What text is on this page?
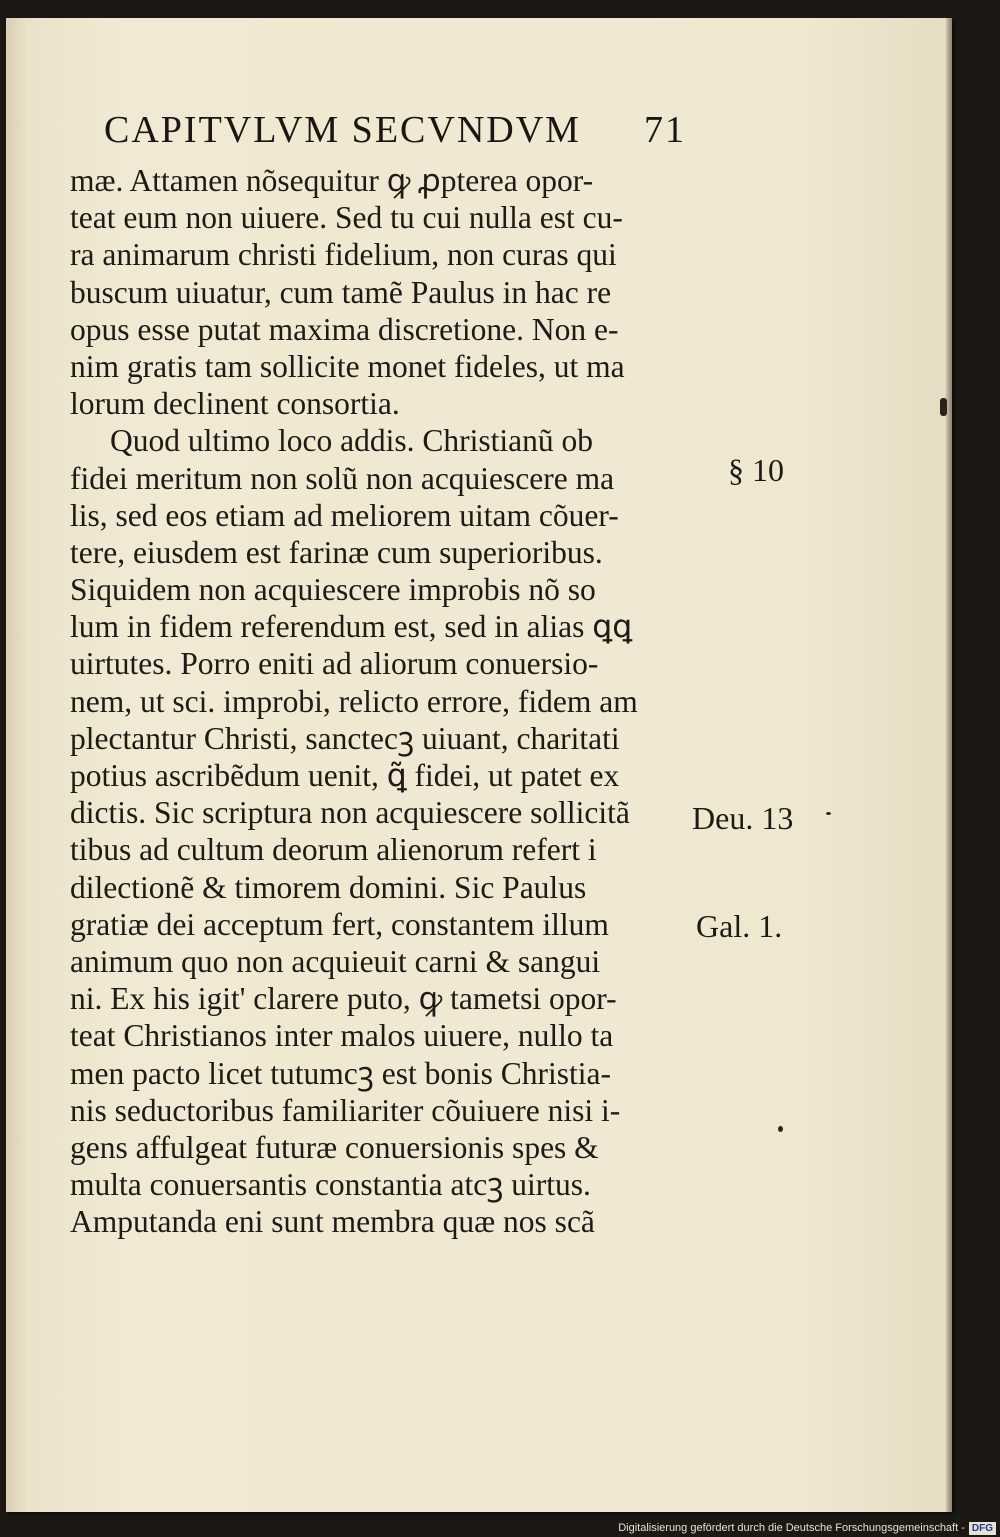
CAPITVLVM SECVNDVM 71
mæ. Attamen nõsequitur ꝙ ꝓpterea opor-
teat eum non uiuere. Sed tu cui nulla est cu-
ra animarum christi fidelium, non curas qui
buscum uiuatur, cum tamẽ Paulus in hac re
opus esse putat maxima discretione. Non e-
nim gratis tam sollicite monet fideles, ut ma
lorum declinent consortia.
Quod ultimo loco addis. Christianũ ob
fidei meritum non solũ non acquiescere ma
lis, sed eos etiam ad meliorem uitam cõuer-
tere, eiusdem est farinæ cum superioribus.
Siquidem non acquiescere improbis nõ so
lum in fidem referendum est, sed in alias ꝗꝗ
uirtutes. Porro eniti ad aliorum conuersio-
nem, ut sci. improbi, relicto errore, fidem am
plectantur Christi, sanctecꝫ uiuant, charitati
potius ascribẽdum uenit, ꝗ̃ fidei, ut patet ex
dictis. Sic scriptura non acquiescere sollicitã
tibus ad cultum deorum alienorum refert i
dilectionẽ & timorem domini. Sic Paulus
gratiæ dei acceptum fert, constantem illum
animum quo non acquieuit carni & sangui
ni. Ex his igit' clarere puto, ꝙ tametsi opor-
teat Christianos inter malos uiuere, nullo ta
men pacto licet tutumcꝫ est bonis Christia-
nis seductoribus familiariter cõuiuere nisi i-
gens affulgeat futuræ conuersionis spes &
multa conuersantis constantia atcꝫ uirtus.
Amputanda eni sunt membra quæ nos scã
§ 10
Deu. 13
Gal. 1.
Digitalisierung gefördert durch die Deutsche Forschungsgemeinschaft - DFG
